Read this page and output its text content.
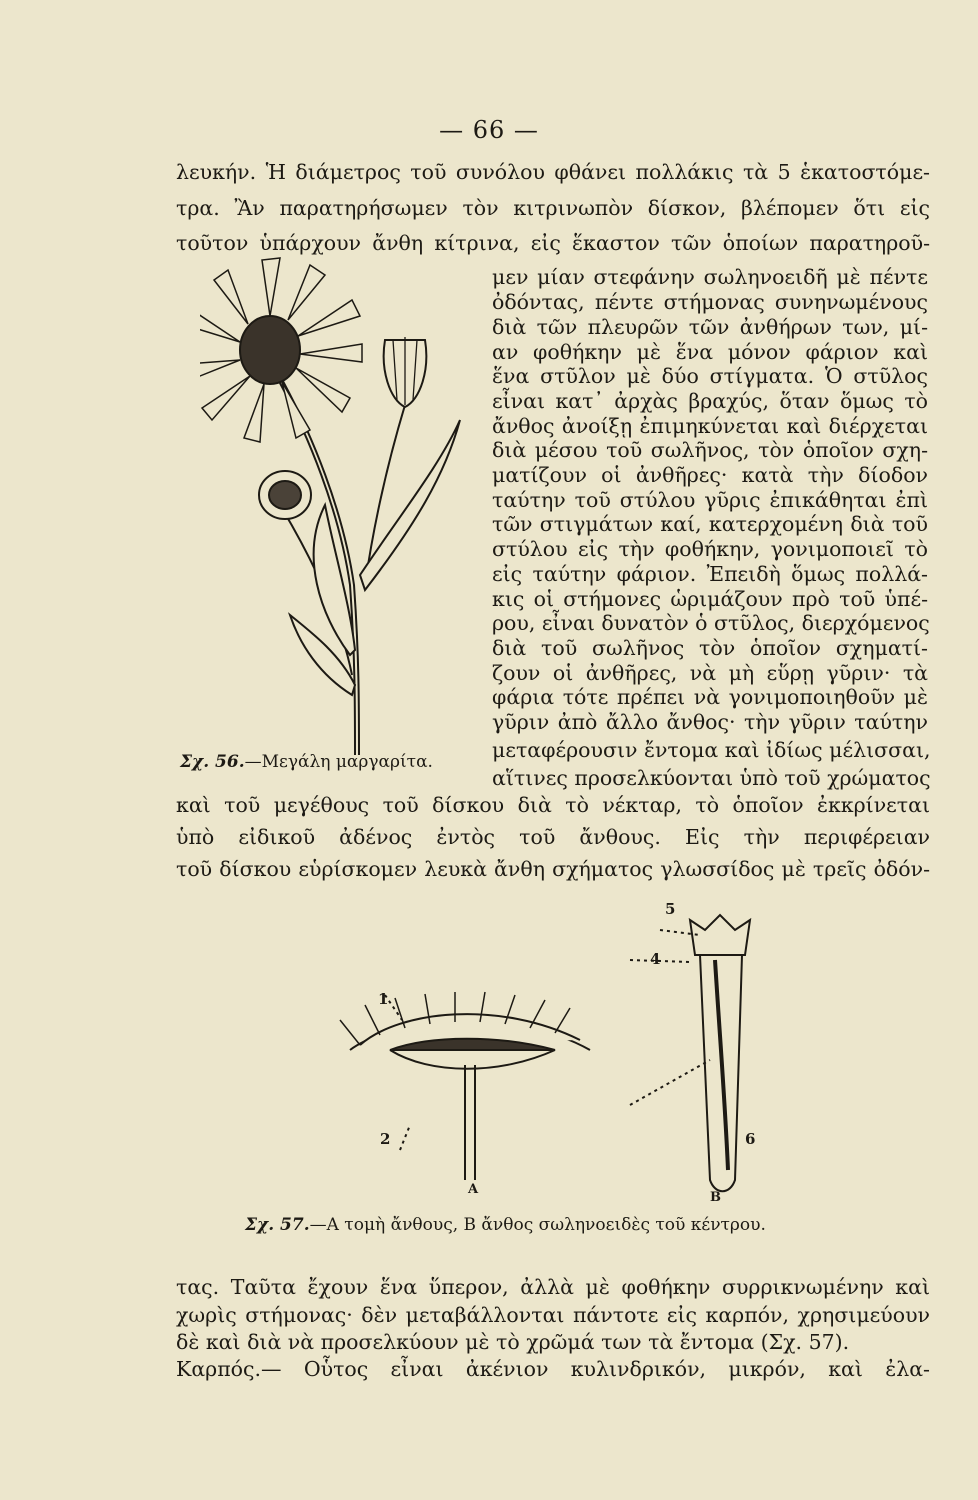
— 66 —
λευκήν. Ἡ διάμετρος τοῦ συνόλου φθάνει πολλάκις τὰ 5 ἑκατοστόμε-
τρα. Ἂν παρατηρήσωμεν τὸν κιτρινωπὸν δίσκον, βλέπομεν ὅτι εἰς
τοῦτον ὑπάρχουν ἄνθη κίτρινα, εἰς ἕκαστον τῶν ὁποίων παρατηροῦ-
μεν μίαν στεφάνην σωληνοειδῆ μὲ πέντε
ὀδόντας, πέντε στήμονας συνηνωμένους
διὰ τῶν πλευρῶν τῶν ἀνθήρων των, μί-
αν φοθήκην μὲ ἕνα μόνον φάριον καὶ
ἕνα στῦλον μὲ δύο στίγματα. Ὁ στῦλος
εἶναι κατ᾽ ἀρχὰς βραχύς, ὅταν ὅμως τὸ
ἄνθος ἀνοίξῃ ἐπιμηκύνεται καὶ διέρχεται
διὰ μέσου τοῦ σωλῆνος, τὸν ὁποῖον σχη-
ματίζουν οἱ ἀνθῆρες· κατὰ τὴν δίοδον
ταύτην τοῦ στύλου γῦρις ἐπικάθηται ἐπὶ
τῶν στιγμάτων καί, κατερχομένη διὰ τοῦ
στύλου εἰς τὴν φοθήκην, γονιμοποιεῖ τὸ
εἰς ταύτην φάριον. Ἐπειδὴ ὅμως πολλά-
κις οἱ στήμονες ὡριμάζουν πρὸ τοῦ ὑπέ-
ρου, εἶναι δυνατὸν ὁ στῦλος, διερχόμενος
διὰ τοῦ σωλῆνος τὸν ὁποῖον σχηματί-
ζουν οἱ ἀνθῆρες, νὰ μὴ εὕρῃ γῦριν· τὰ
φάρια τότε πρέπει νὰ γονιμοποιηθοῦν μὲ
γῦριν ἀπὸ ἄλλο ἄνθος· τὴν γῦριν ταύτην
μεταφέρουσιν ἔντομα καὶ ἰδίως μέλισσαι,
αἵτινες προσελκύονται ὑπὸ τοῦ χρώματος
Σχ. 56.—Μεγάλη μαργαρίτα.
καὶ τοῦ μεγέθους τοῦ δίσκου διὰ τὸ νέκταρ, τὸ ὁποῖον ἐκκρίνεται
ὑπὸ εἰδικοῦ ἀδένος ἐντὸς τοῦ ἄνθους. Εἰς τὴν περιφέρειαν
τοῦ δίσκου εὑρίσκομεν λευκὰ ἄνθη σχήματος γλωσσίδος μὲ τρεῖς ὀδόν-
1
2
4
5
6
A
B
Σχ. 57.—Α τομὴ ἄνθους, Β ἄνθος σωληνοειδὲς τοῦ κέντρου.
τας. Ταῦτα ἔχουν ἕνα ὕπερον, ἀλλὰ μὲ φοθήκην συρρικνωμένην καὶ
χωρὶς στήμονας· δὲν μεταβάλλονται πάντοτε εἰς καρπόν, χρησιμεύουν
δὲ καὶ διὰ νὰ προσελκύουν μὲ τὸ χρῶμά των τὰ ἔντομα (Σχ. 57).
Καρπός.— Οὗτος εἶναι ἀκένιον κυλινδρικόν, μικρόν, καὶ ἐλα-
